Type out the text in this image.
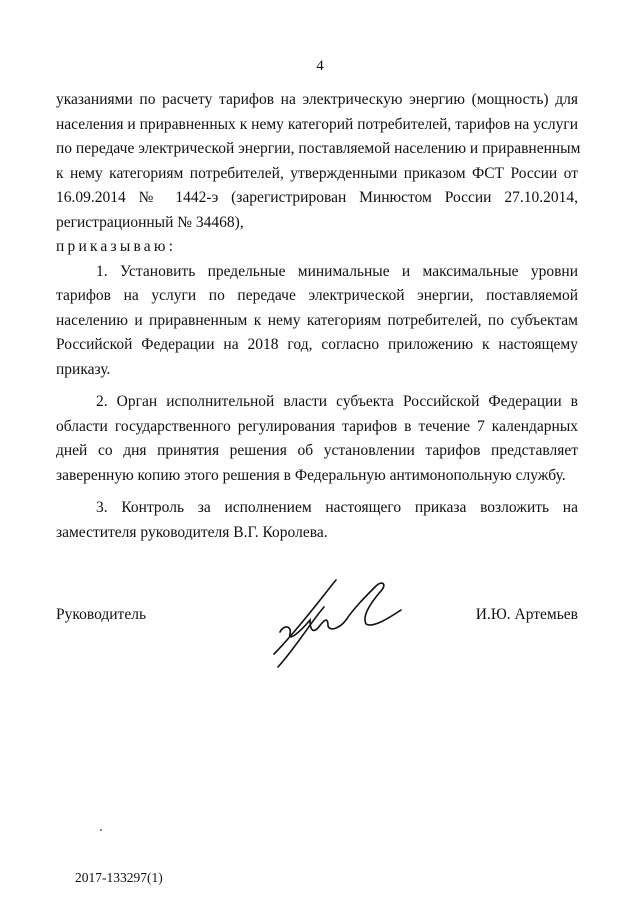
4

указаниями по расчету тарифов на электрическую энергию (мощность) для
населения и приравненных к нему категорий потребителей, тарифов на услуги
по передаче электрической энергии, поставляемой населению и приравненным
к нему категориям потребителей, утвержденными приказом ФСТ России от
16.09.2014 № 1442-э (зарегистрирован Минюстом России 27.10.2014,
регистрационный № 34468),

приказываю:

1. Установить предельные минимальные и максимальные уровни тарифов на услуги по передаче электрической энергии, поставляемой населению и приравненным к нему категориям потребителей, по субъектам Российской Федерации на 2018 год, согласно приложению к настоящему приказу.

2. Орган исполнительной власти субъекта Российской Федерации в области государственного регулирования тарифов в течение 7 календарных дней со дня принятия решения об установлении тарифов представляет заверенную копию этого решения в Федеральную антимонопольную службу.

3. Контроль за исполнением настоящего приказа возложить на заместителя руководителя В.Г. Королева.

Руководитель	И.Ю. Артемьев
2017-133297(1)
